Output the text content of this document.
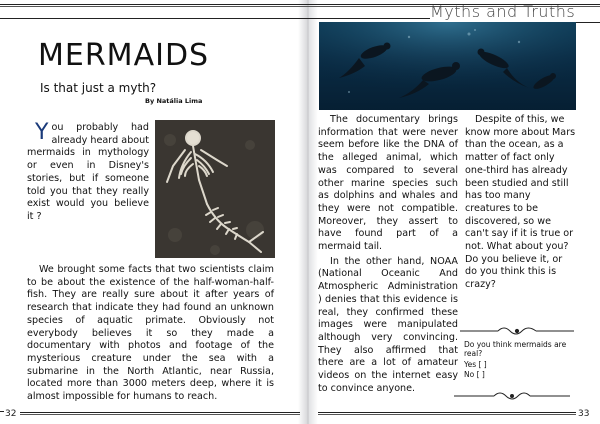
Myths and Truths
MERMAIDS
Is that just a myth?
By Natália Lima

You probably had already heard about mermaids in mythology or even in Disney's stories, but if someone told you that they really exist would you believe it ?

We brought some facts that two scientists claim to be about the existence of the half-woman-half-fish. They are really sure about it after years of research that indicate they had found an unknown species of aquatic primate. Obviously not everybody believes it so they made a documentary with photos and footage of the mysterious creature under the sea with a submarine in the North Atlantic, near Russia, located more than 3000 meters deep, where it is almost impossible for humans to reach.

32

The documentary brings information that were never seem before like the DNA of the alleged animal, which was compared to several other marine species such as dolphins and whales and they were not compatible. Moreover, they assert to have found part of a mermaid tail.

In the other hand, NOAA (National Oceanic And Atmospheric Administration ) denies that this evidence is real, they confirmed these images were manipulated although very convincing. They also affirmed that there are a lot of amateur videos on the internet easy to convince anyone.

Despite of this, we know more about Mars than the ocean, as a matter of fact only one-third has already been studied and still has too many creatures to be discovered, so we can't say if it is true or not. What about you? Do you believe it, or do you think this is crazy?

Do you think mermaids are real?

Yes [ ]
No [ ]
33
